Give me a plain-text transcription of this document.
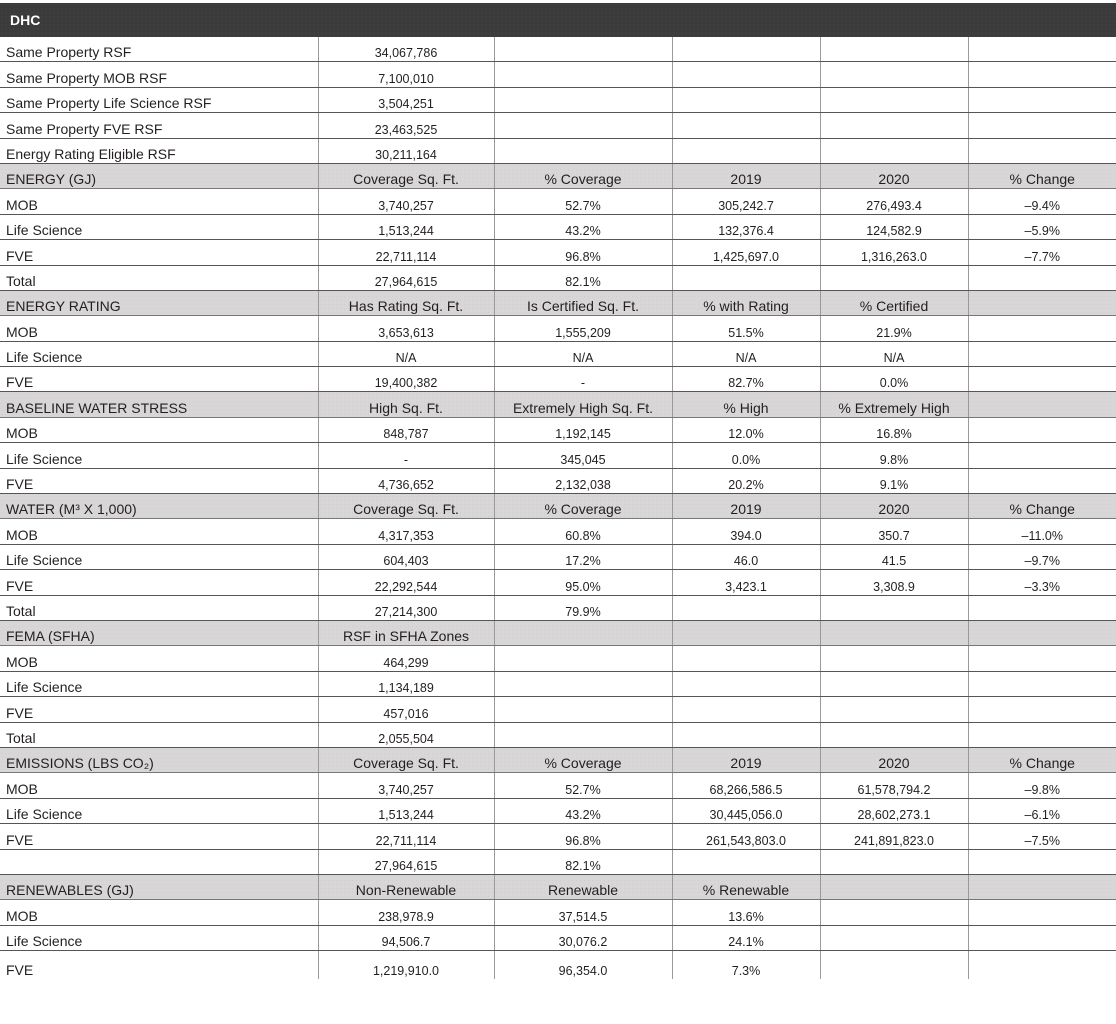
DHC
Same Property RSF	34,067,786				
Same Property MOB RSF	7,100,010				
Same Property Life Science RSF	3,504,251				
Same Property FVE RSF	23,463,525				
Energy Rating Eligible RSF	30,211,164				
ENERGY (GJ)	Coverage Sq. Ft.	% Coverage	2019	2020	% Change
MOB	3,740,257	52.7%	305,242.7	276,493.4	–9.4%
Life Science	1,513,244	43.2%	132,376.4	124,582.9	–5.9%
FVE	22,711,114	96.8%	1,425,697.0	1,316,263.0	–7.7%
Total	27,964,615	82.1%			
ENERGY RATING	Has Rating Sq. Ft.	Is Certified Sq. Ft.	% with Rating	% Certified	
MOB	3,653,613	1,555,209	51.5%	21.9%	
Life Science	N/A	N/A	N/A	N/A	
FVE	19,400,382	-	82.7%	0.0%	
BASELINE WATER STRESS	High Sq. Ft.	Extremely High Sq. Ft.	% High	% Extremely High	
MOB	848,787	1,192,145	12.0%	16.8%	
Life Science	-	345,045	0.0%	9.8%	
FVE	4,736,652	2,132,038	20.2%	9.1%	
WATER (M³ X 1,000)	Coverage Sq. Ft.	% Coverage	2019	2020	% Change
MOB	4,317,353	60.8%	394.0	350.7	–11.0%
Life Science	604,403	17.2%	46.0	41.5	–9.7%
FVE	22,292,544	95.0%	3,423.1	3,308.9	–3.3%
Total	27,214,300	79.9%			
FEMA (SFHA)	RSF in SFHA Zones				
MOB	464,299				
Life Science	1,134,189				
FVE	457,016				
Total	2,055,504				
EMISSIONS (LBS CO₂)	Coverage Sq. Ft.	% Coverage	2019	2020	% Change
MOB	3,740,257	52.7%	68,266,586.5	61,578,794.2	–9.8%
Life Science	1,513,244	43.2%	30,445,056.0	28,602,273.1	–6.1%
FVE	22,711,114	96.8%	261,543,803.0	241,891,823.0	–7.5%
	27,964,615	82.1%			
RENEWABLES (GJ)	Non-Renewable	Renewable	% Renewable		
MOB	238,978.9	37,514.5	13.6%		
Life Science	94,506.7	30,076.2	24.1%		
FVE	1,219,910.0	96,354.0	7.3%		
